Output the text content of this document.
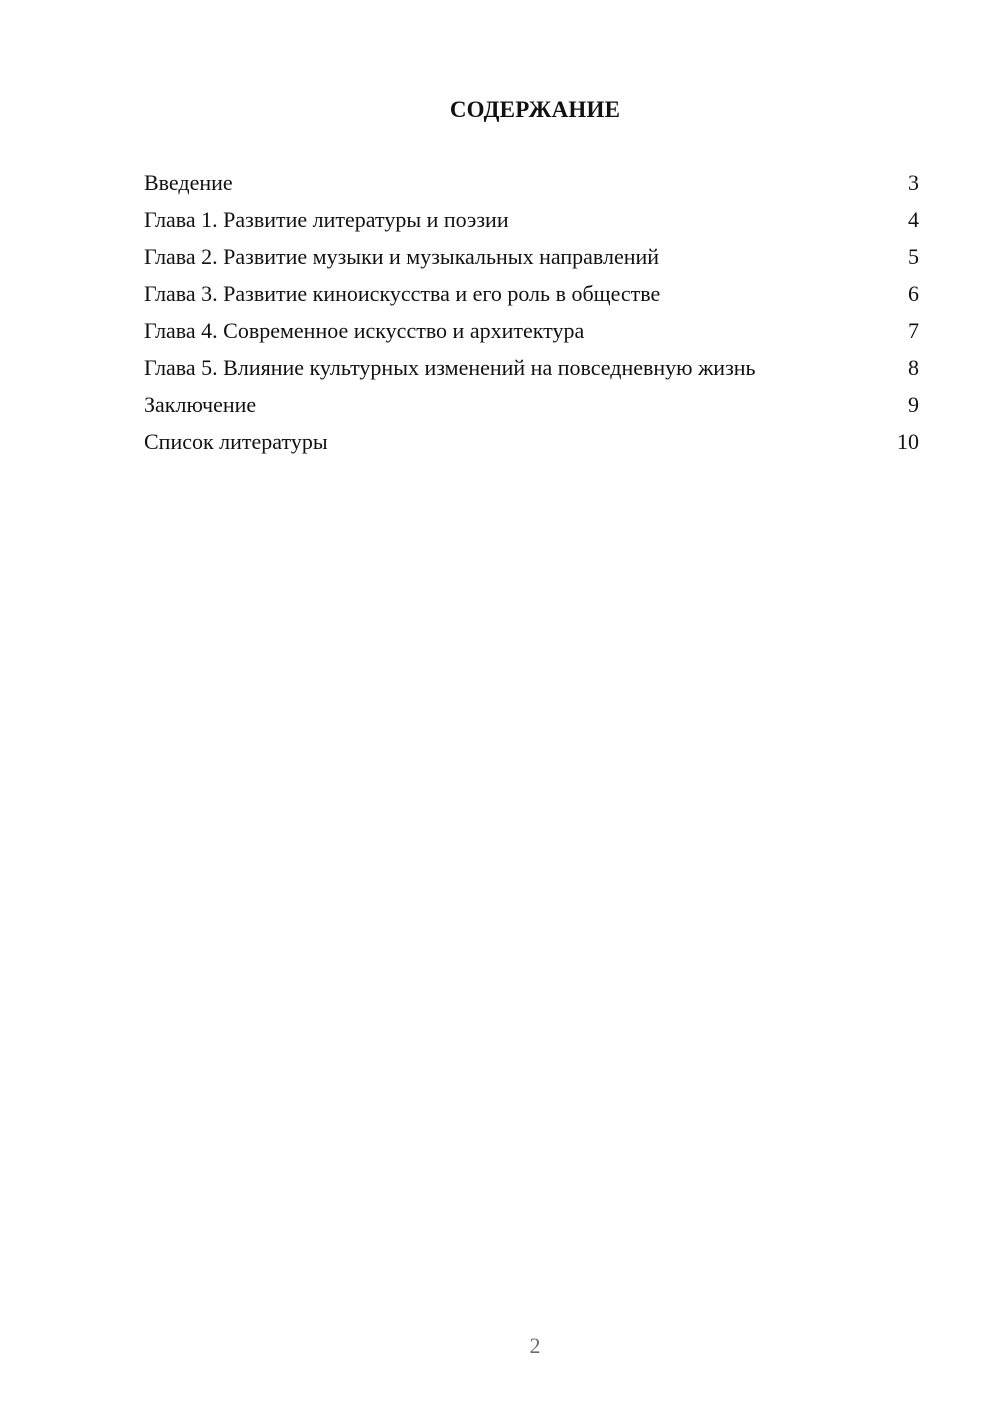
СОДЕРЖАНИЕ
Введение	3
Глава 1. Развитие литературы и поэзии	4
Глава 2. Развитие музыки и музыкальных направлений	5
Глава 3. Развитие киноискусства и его роль в обществе	6
Глава 4. Современное искусство и архитектура	7
Глава 5. Влияние культурных изменений на повседневную жизнь	8
Заключение	9
Список литературы	10
2
